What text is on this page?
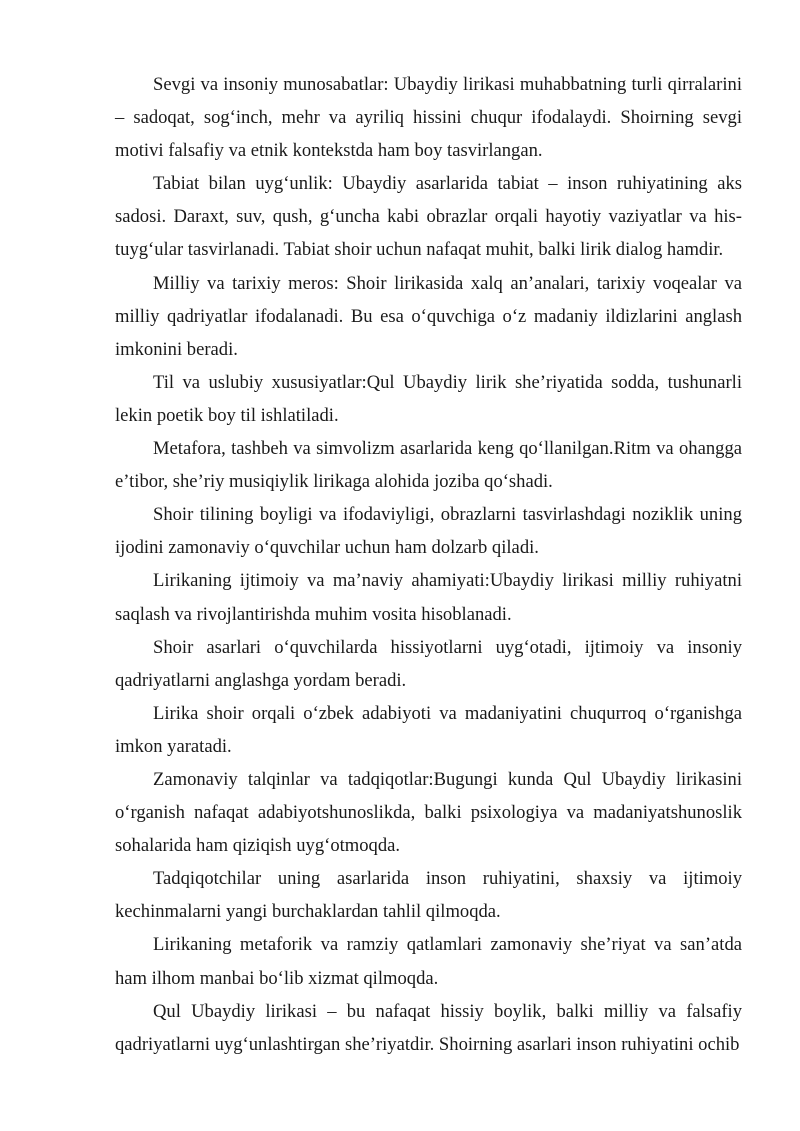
Sevgi va insoniy munosabatlar: Ubaydiy lirikasi muhabbatning turli qirralarini – sadoqat, sog‘inch, mehr va ayriliq hissini chuqur ifodalaydi. Shoirning sevgi motivi falsafiy va etnik kontekstda ham boy tasvirlangan.

Tabiat bilan uyg‘unlik: Ubaydiy asarlarida tabiat – inson ruhiyatining aks sadosi. Daraxt, suv, qush, g‘uncha kabi obrazlar orqali hayotiy vaziyatlar va his-tuyg‘ular tasvirlanadi. Tabiat shoir uchun nafaqat muhit, balki lirik dialog hamdir.

Milliy va tarixiy meros: Shoir lirikasida xalq an’analari, tarixiy voqealar va milliy qadriyatlar ifodalanadi. Bu esa o‘quvchiga o‘z madaniy ildizlarini anglash imkonini beradi.

Til va uslubiy xususiyatlar:Qul Ubaydiy lirik she’riyatida sodda, tushunarli lekin poetik boy til ishlatiladi.

Metafora, tashbeh va simvolizm asarlarida keng qo‘llanilgan.Ritm va ohangga e’tibor, she’riy musiqiylik lirikaga alohida joziba qo‘shadi.

Shoir tilining boyligi va ifodaviyligi, obrazlarni tasvirlashdagi noziklik uning ijodini zamonaviy o‘quvchilar uchun ham dolzarb qiladi.

Lirikaning ijtimoiy va ma’naviy ahamiyati:Ubaydiy lirikasi milliy ruhiyatni saqlash va rivojlantirishda muhim vosita hisoblanadi.

Shoir asarlari o‘quvchilarda hissiyotlarni uyg‘otadi, ijtimoiy va insoniy qadriyatlarni anglashga yordam beradi.

Lirika shoir orqali o‘zbek adabiyoti va madaniyatini chuqurroq o‘rganishga imkon yaratadi.

Zamonaviy talqinlar va tadqiqotlar:Bugungi kunda Qul Ubaydiy lirikasini o‘rganish nafaqat adabiyotshunoslikda, balki psixologiya va madaniyatshunoslik sohalarida ham qiziqish uyg‘otmoqda.

Tadqiqotchilar uning asarlarida inson ruhiyatini, shaxsiy va ijtimoiy kechinmalarni yangi burchaklardan tahlil qilmoqda.

Lirikaning metaforik va ramziy qatlamlari zamonaviy she’riyat va san’atda ham ilhom manbai bo‘lib xizmat qilmoqda.

Qul Ubaydiy lirikasi – bu nafaqat hissiy boylik, balki milliy va falsafiy qadriyatlarni uyg‘unlashtirgan she’riyatdir. Shoirning asarlari inson ruhiyatini ochib
